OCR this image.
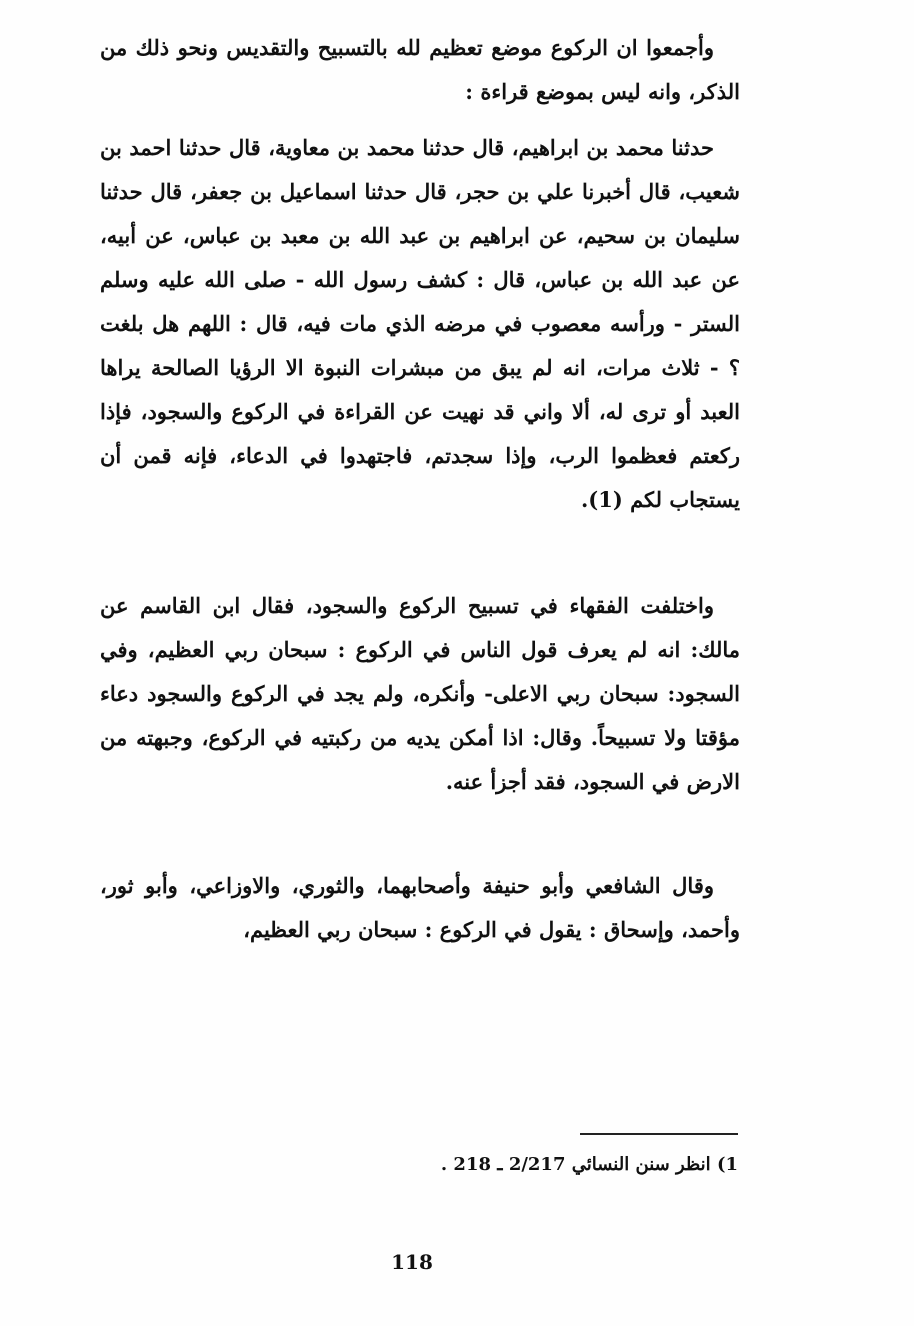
وأجمعوا ان الركوع موضع تعظيم لله بالتسبيح والتقديس ونحو ذلك من الذكر، وانه ليس بموضع قراءة :

حدثنا محمد بن ابراهيم، قال حدثنا محمد بن معاوية، قال حدثنا احمد بن شعيب، قال أخبرنا علي بن حجر، قال حدثنا اسماعيل بن جعفر، قال حدثنا سليمان بن سحيم، عن ابراهيم بن عبد الله بن معبد بن عباس، عن أبيه، عن عبد الله بن عباس، قال : كشف رسول الله - صلى الله عليه وسلم الستر - ورأسه معصوب في مرضه الذي مات فيه، قال : اللهم هل بلغت ؟ - ثلاث مرات، انه لم يبق من مبشرات النبوة الا الرؤيا الصالحة يراها العبد أو ترى له، ألا واني قد نهيت عن القراءة في الركوع والسجود، فإذا ركعتم فعظموا الرب، وإذا سجدتم، فاجتهدوا في الدعاء، فإنه قمن أن يستجاب لكم (1).

واختلفت الفقهاء في تسبيح الركوع والسجود، فقال ابن القاسم عن مالك: انه لم يعرف قول الناس في الركوع : سبحان ربي العظيم، وفي السجود: سبحان ربي الاعلى- وأنكره، ولم يجد في الركوع والسجود دعاء مؤقتا ولا تسبيحاً. وقال: اذا أمكن يديه من ركبتيه في الركوع، وجبهته من الارض في السجود، فقد أجزأ عنه.

وقال الشافعي وأبو حنيفة وأصحابهما، والثوري، والاوزاعي، وأبو ثور، وأحمد، وإسحاق : يقول في الركوع : سبحان ربي العظيم،

1) انظر سنن النسائي 2/217 ـ 218 .
118
